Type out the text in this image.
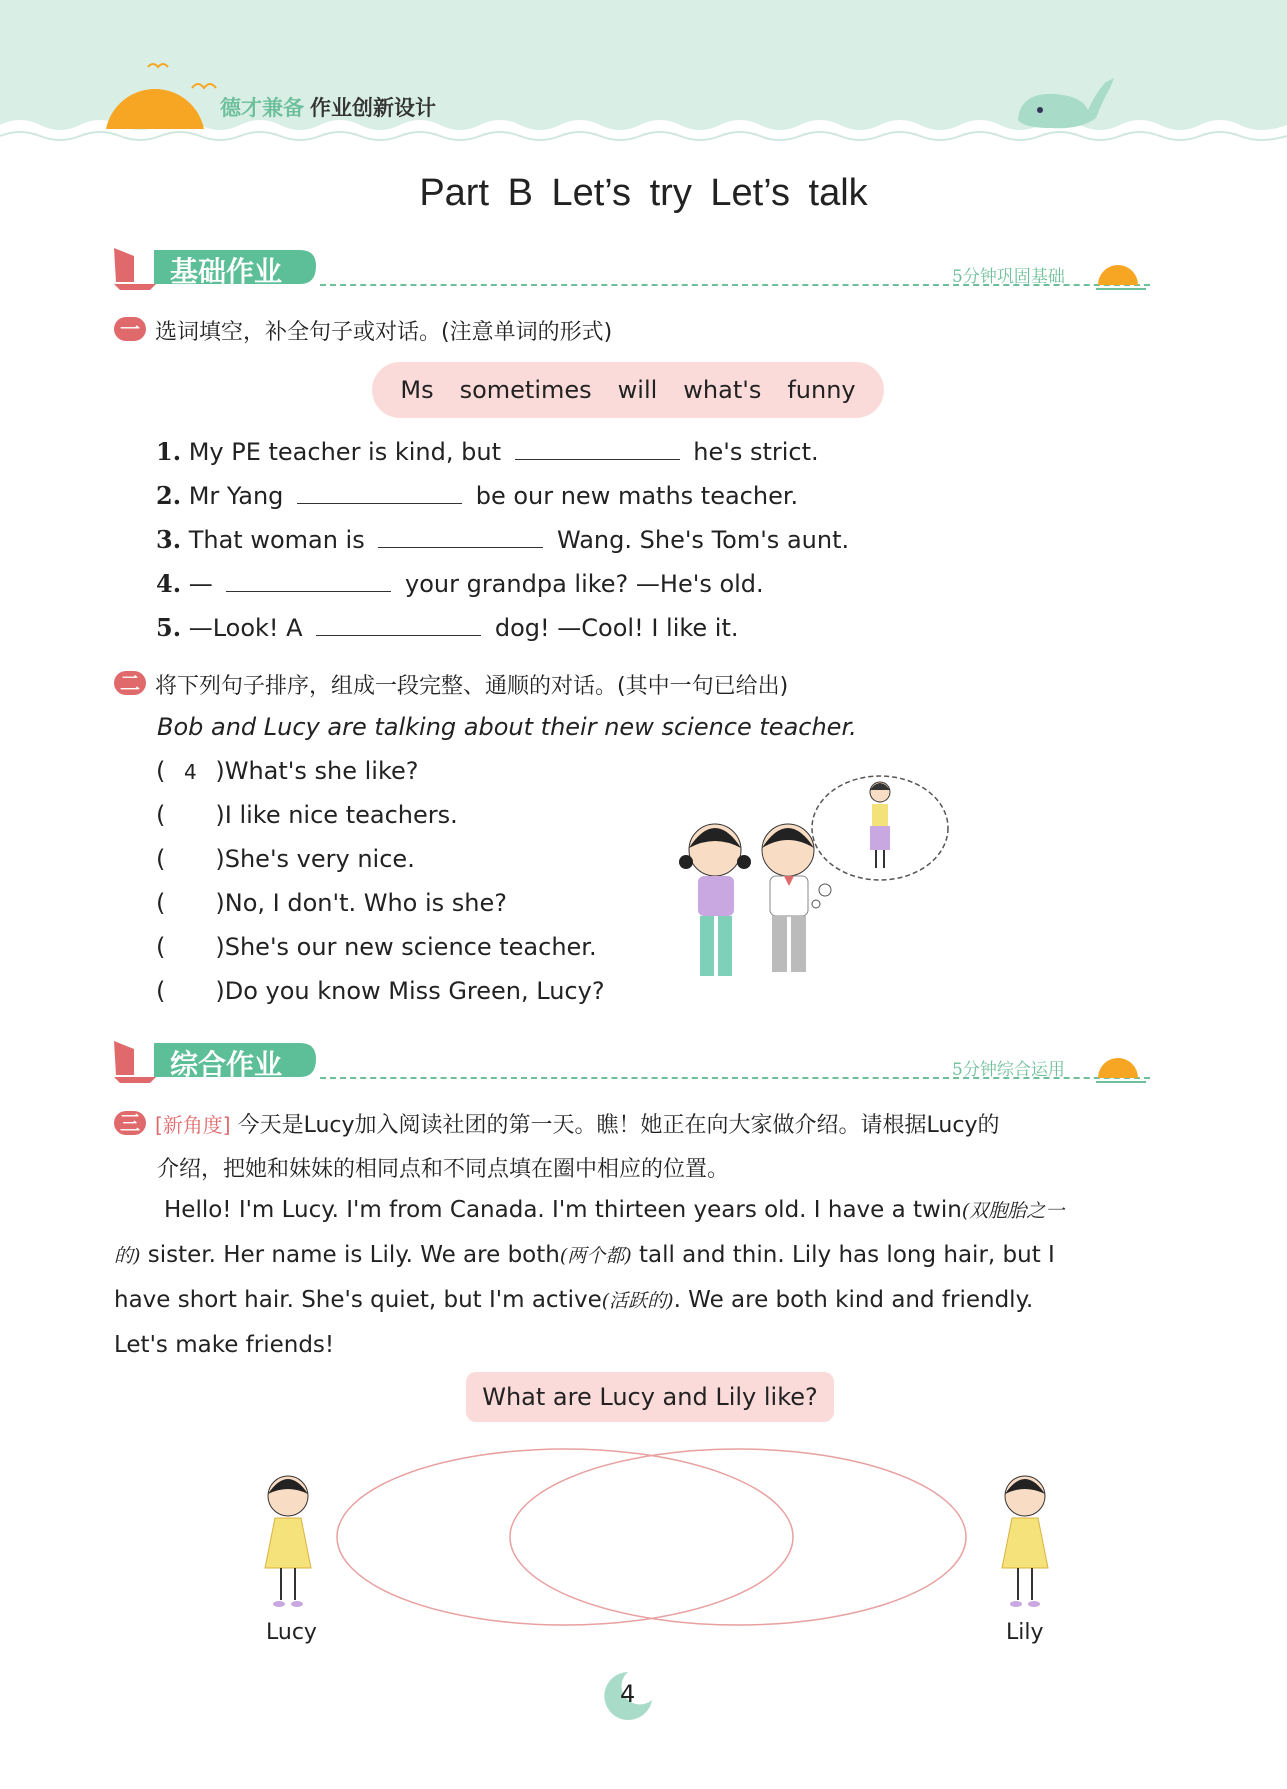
德才兼备 作业创新设计
Part B Let’s try Let’s talk
基础作业	5分钟巩固基础
一 选词填空，补全句子或对话。(注意单词的形式)
Ms sometimes will what's funny
1. My PE teacher is kind, but	he's strict.
2. Mr Yang	be our new maths teacher.
3. That woman is	Wang. She's Tom's aunt.
4. —	your grandpa like? —He's old.
5. —Look! A	dog! —Cool! I like it.
二 将下列句子排序，组成一段完整、通顺的对话。(其中一句已给出)
Bob and Lucy are talking about their new science teacher.
( 4 )What's she like?
( )I like nice teachers.
( )She's very nice.
( )No, I don't. Who is she?
( )She's our new science teacher.
( )Do you know Miss Green, Lucy?
综合作业	5分钟综合运用
三 [新角度] 今天是Lucy加入阅读社团的第一天。瞧！她正在向大家做介绍。请根据Lucy的
介绍，把她和妹妹的相同点和不同点填在圈中相应的位置。
Hello! I'm Lucy. I'm from Canada. I'm thirteen years old. I have a twin(双胞胎之一
的) sister. Her name is Lily. We are both(两个都) tall and thin. Lily has long hair, but I
have short hair. She's quiet, but I'm active(活跃的). We are both kind and friendly.
Let's make friends!
What are Lucy and Lily like?
Lucy	Lily
4
